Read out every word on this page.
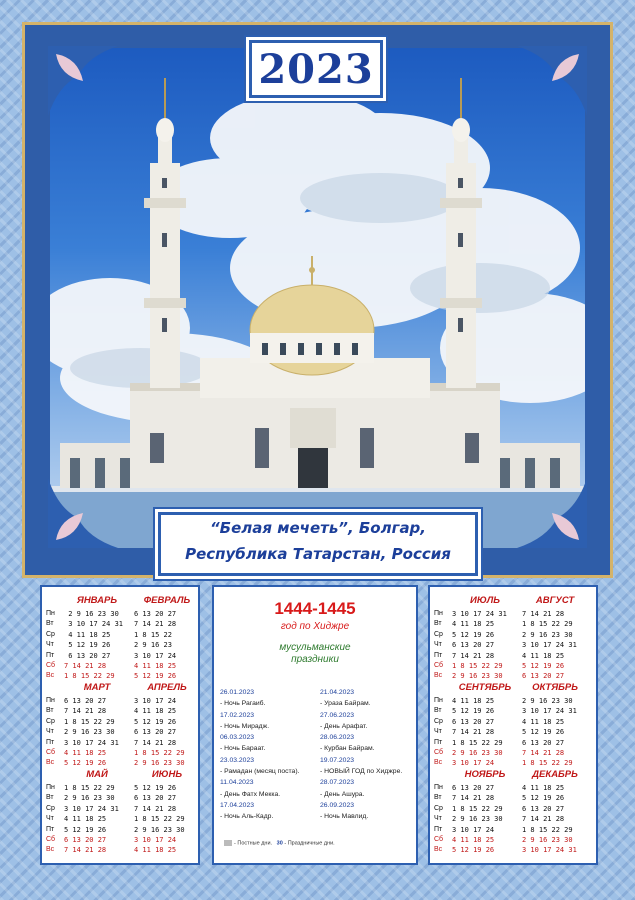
2023
“Белая мечеть”, Болгар,
Республика Татарстан, Россия
Пн
Вт
Ср
Чт
Пт
Сб
Вс
ЯНВАРЬ
2 9 16 23 30
3 10 17 24 31
4 11 18 25
5 12 19 26
6 13 20 27
7 14 21 28
1 8 15 22 29
ФЕВРАЛЬ
6 13 20 27
7 14 21 28
1 8 15 22
2 9 16 23
3 10 17 24
4 11 18 25
5 12 19 26
Пн
Вт
Ср
Чт
Пт
Сб
Вс
МАРТ
6 13 20 27
7 14 21 28
1 8 15 22 29
2 9 16 23 30
3 10 17 24 31
4 11 18 25
5 12 19 26
АПРЕЛЬ
3 10 17 24
4 11 18 25
5 12 19 26
6 13 20 27
7 14 21 28
1 8 15 22 29
2 9 16 23 30
Пн
Вт
Ср
Чт
Пт
Сб
Вс
МАЙ
1 8 15 22 29
2 9 16 23 30
3 10 17 24 31
4 11 18 25
5 12 19 26
6 13 20 27
7 14 21 28
ИЮНЬ
5 12 19 26
6 13 20 27
7 14 21 28
1 8 15 22 29
2 9 16 23 30
3 10 17 24
4 11 18 25
1444-1445
год по Хиджре
мусульманские
праздники
26.01.2023
- Ночь Рагаиб.
17.02.2023
- Ночь Мирадж.
06.03.2023
- Ночь Бараат.
23.03.2023
- Рамадан (месяц поста).
11.04.2023
- День Фатх Мекка.
17.04.2023
- Ночь Аль-Кадр.
21.04.2023
- Ураза Байрам.
27.06.2023
- День Арафат.
28.06.2023
- Курбан Байрам.
19.07.2023
- НОВЫЙ ГОД по Хиджре.
28.07.2023
- День Ашура.
26.09.2023
- Ночь Мавлид.
- Постные дни. 30 - Праздничные дни.
Пн
Вт
Ср
Чт
Пт
Сб
Вс
ИЮЛЬ
3 10 17 24 31
4 11 18 25
5 12 19 26
6 13 20 27
7 14 21 28
1 8 15 22 29
2 9 16 23 30
АВГУСТ
7 14 21 28
1 8 15 22 29
2 9 16 23 30
3 10 17 24 31
4 11 18 25
5 12 19 26
6 13 20 27
Пн
Вт
Ср
Чт
Пт
Сб
Вс
СЕНТЯБРЬ
4 11 18 25
5 12 19 26
6 13 20 27
7 14 21 28
1 8 15 22 29
2 9 16 23 30
3 10 17 24
ОКТЯБРЬ
2 9 16 23 30
3 10 17 24 31
4 11 18 25
5 12 19 26
6 13 20 27
7 14 21 28
1 8 15 22 29
Пн
Вт
Ср
Чт
Пт
Сб
Вс
НОЯБРЬ
6 13 20 27
7 14 21 28
1 8 15 22 29
2 9 16 23 30
3 10 17 24
4 11 18 25
5 12 19 26
ДЕКАБРЬ
4 11 18 25
5 12 19 26
6 13 20 27
7 14 21 28
1 8 15 22 29
2 9 16 23 30
3 10 17 24 31
